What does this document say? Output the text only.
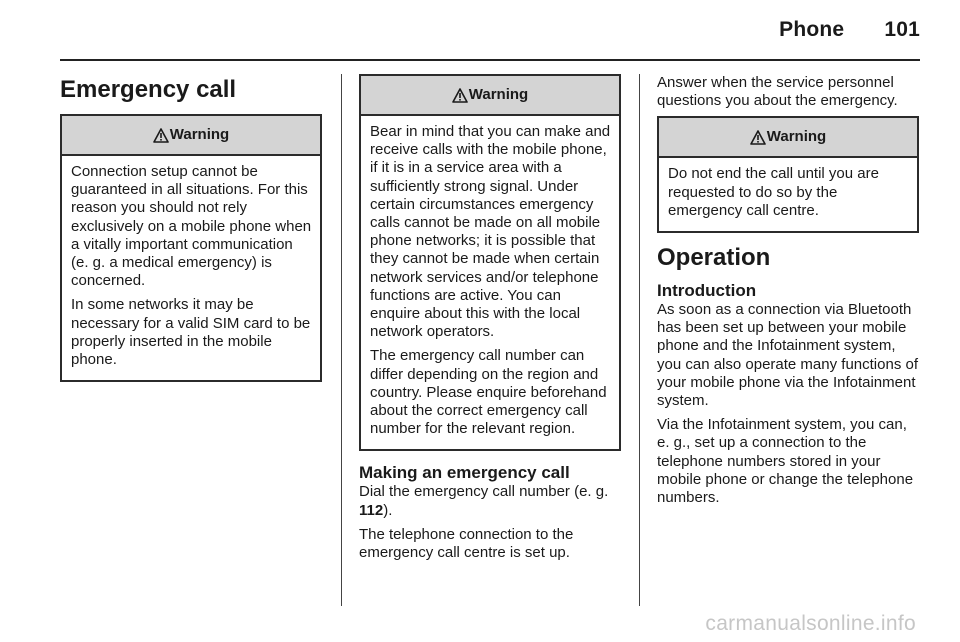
Phone 101
Emergency call
Warning

Connection setup cannot be guaranteed in all situations. For this reason you should not rely exclusively on a mobile phone when a vitally important communication (e. g. a medical emergency) is concerned.

In some networks it may be necessary for a valid SIM card to be properly inserted in the mobile phone.

Warning

Bear in mind that you can make and receive calls with the mobile phone, if it is in a service area with a sufficiently strong signal. Under certain circumstances emergency calls cannot be made on all mobile phone networks; it is possible that they cannot be made when certain network services and/or telephone functions are active. You can enquire about this with the local network operators.

The emergency call number can differ depending on the region and country. Please enquire beforehand about the correct emergency call number for the relevant region.

Making an emergency call

Dial the emergency call number (e. g. 112).

The telephone connection to the emergency call centre is set up.

Answer when the service personnel questions you about the emergency.

Warning

Do not end the call until you are requested to do so by the emergency call centre.

Operation
Introduction

As soon as a connection via Bluetooth has been set up between your mobile phone and the Infotainment system, you can also operate many functions of your mobile phone via the Infotainment system.

Via the Infotainment system, you can, e. g., set up a connection to the telephone numbers stored in your mobile phone or change the telephone numbers.

carmanualsonline.info
